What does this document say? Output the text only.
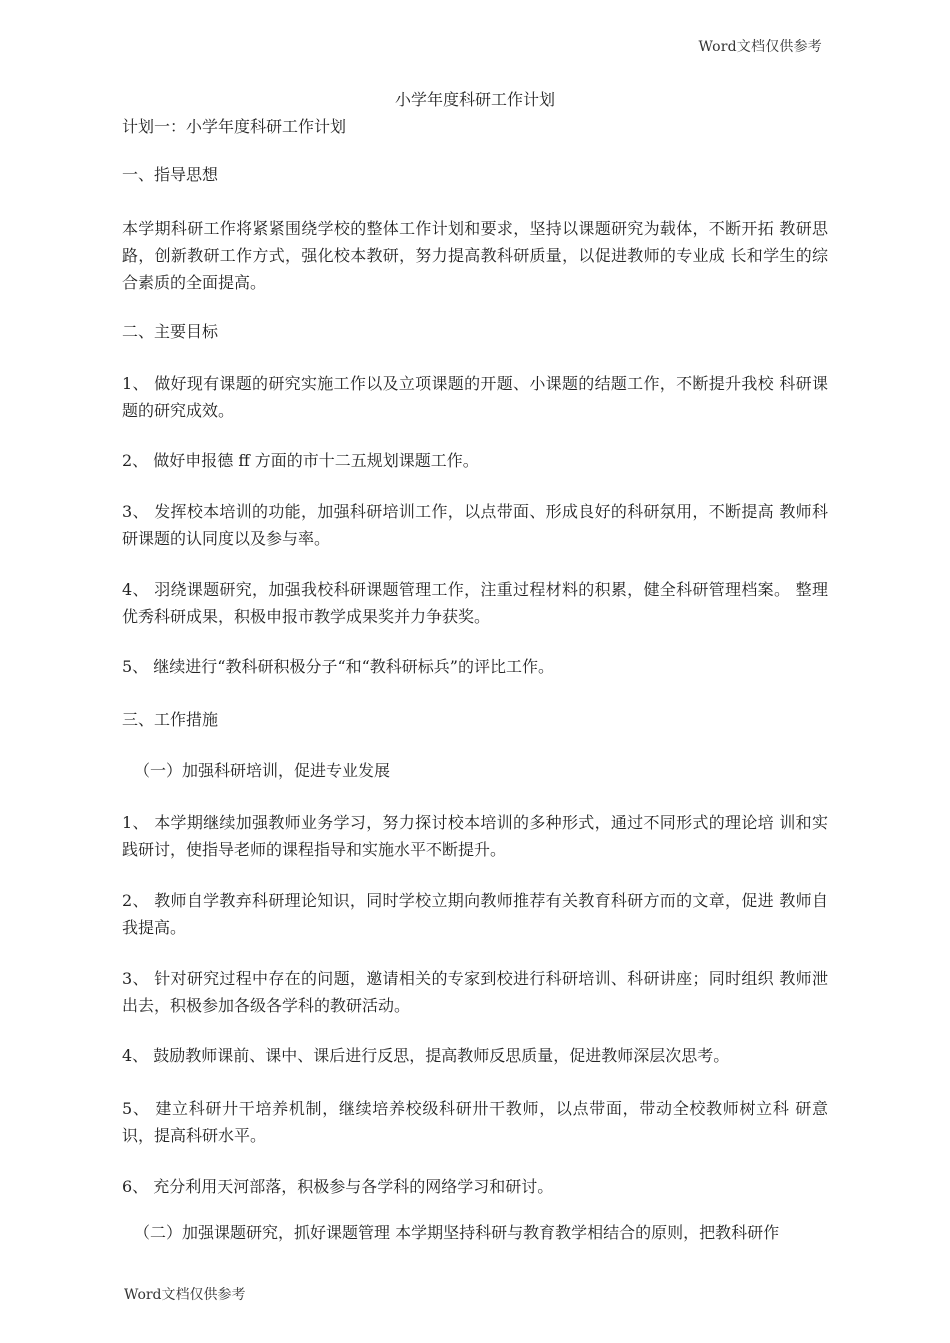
Word文档仅供参考
小学年度科研工作计划
计划一：小学年度科研工作计划
一、指导思想
本学期科研工作将紧紧围绕学校的整体工作计划和要求，坚持以课题研究为载体，不断开拓 教研思路，创新教研工作方式，强化校本教研，努力提高教科研质量，以促进教师的专业成 长和学生的综合素质的全面提高。
二、主要目标
1、 做好现有课题的研究实施工作以及立项课题的开题、小课题的结题工作，不断提升我校 科研课题的研究成效。
2、 做好申报德 ff 方面的市十二五规划课题工作。
3、 发挥校本培训的功能，加强科研培训工作，以点带面、形成良好的科研氛用，不断提高 教师科研课题的认同度以及参与率。
4、 羽绕课题研究，加强我校科研课题管理工作，注重过程材料的积累，健全科研管理档案。 整理优秀科研成果，积极申报市教学成果奖并力争获奖。
5、 继续进行“教科研积极分子“和“教科研标兵”的评比工作。
三、工作措施
（一）加强科研培训，促进专业发展
1、 本学期继续加强教师业务学习，努力探讨校本培训的多种形式，通过不同形式的理论培 训和实践研讨，使指导老师的课程指导和实施水平不断提升。
2、 教师自学教弃科研理论知识，同时学校立期向教师推荐有关教育科研方而的文章，促进 教师自我提高。
3、 针对研究过程中存在的问题，邀请相关的专家到校进行科研培训、科研讲座；同时组织 教师泄出去，积极参加各级各学科的教研活动。
4、 鼓励教师课前、课中、课后进行反思，提高教师反思质量，促进教师深层次思考。
5、 建立科研廾干培养机制，继续培养校级科研卅干教师，以点带面，带动全校教师树立科 研意识，提高科研水平。
6、 充分利用天河部落，积极参与各学科的网络学习和研讨。
（二）加强课题研究，抓好课题管理 本学期坚持科研与教育教学相结合的原则，把教科研作
Word文档仅供参考
